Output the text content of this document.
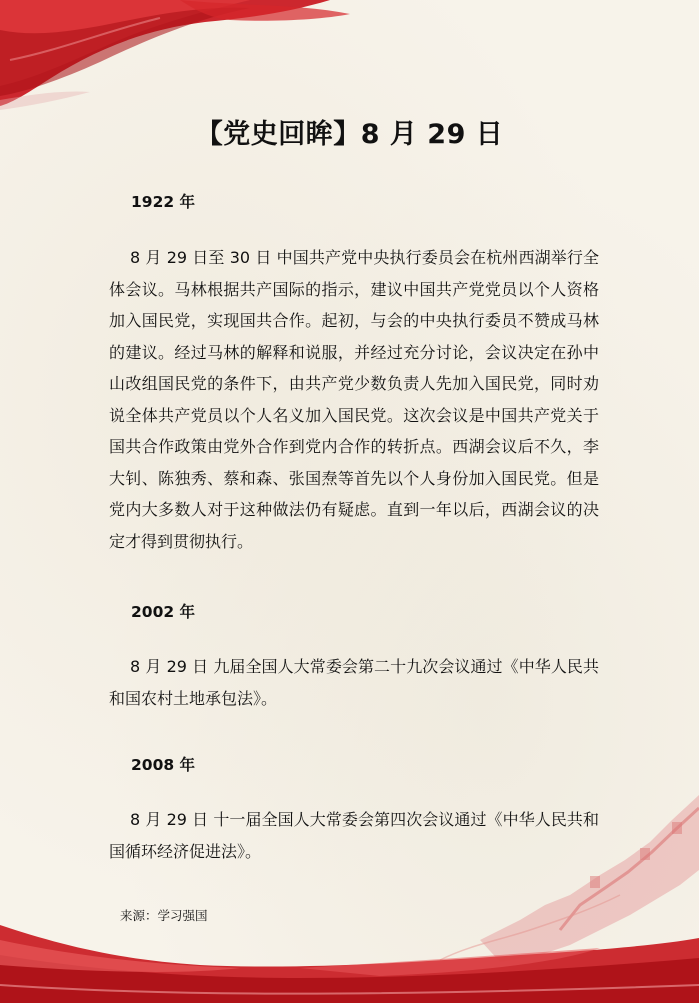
【党史回眸】8 月 29 日
1922 年
8 月 29 日至 30 日 中国共产党中央执行委员会在杭州西湖举行全体会议。马林根据共产国际的指示，建议中国共产党党员以个人资格加入国民党，实现国共合作。起初，与会的中央执行委员不赞成马林的建议。经过马林的解释和说服，并经过充分讨论，会议决定在孙中山改组国民党的条件下，由共产党少数负责人先加入国民党，同时劝说全体共产党员以个人名义加入国民党。这次会议是中国共产党关于国共合作政策由党外合作到党内合作的转折点。西湖会议后不久，李大钊、陈独秀、蔡和森、张国焘等首先以个人身份加入国民党。但是党内大多数人对于这种做法仍有疑虑。直到一年以后，西湖会议的决定才得到贯彻执行。
2002 年
8 月 29 日 九届全国人大常委会第二十九次会议通过《中华人民共和国农村土地承包法》。
2008 年
8 月 29 日 十一届全国人大常委会第四次会议通过《中华人民共和国循环经济促进法》。
来源：学习强国
